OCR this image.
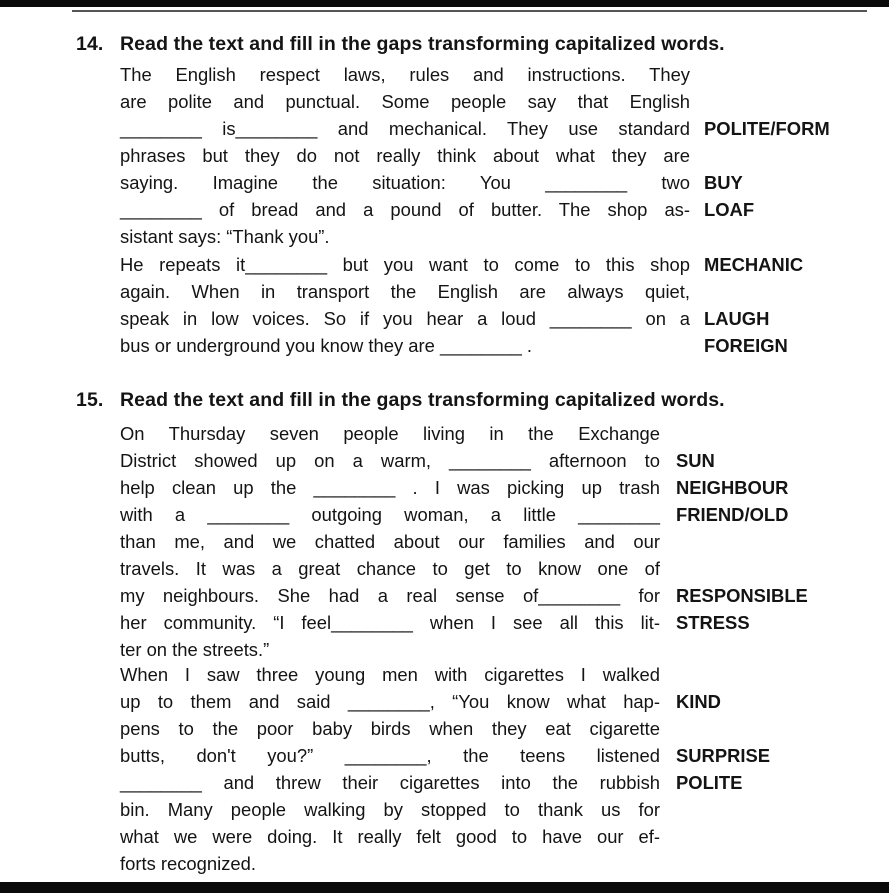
14. Read the text and fill in the gaps transforming capitalized words.
The English respect laws, rules and instructions. They
are polite and punctual. Some people say that English
________ is________ and mechanical. They use standard
phrases but they do not really think about what they are
saying. Imagine the situation: You ________ two
________ of bread and a pound of butter. The shop as-
sistant says: “Thank you”.
He repeats it________ but you want to come to this shop
again. When in transport the English are always quiet,
speak in low voices. So if you hear a loud ________ on a
bus or underground you know they are ________ .
POLITE/FORM
BUY
LOAF
MECHANIC
LAUGH
FOREIGN
15. Read the text and fill in the gaps transforming capitalized words.
On Thursday seven people living in the Exchange
District showed up on a warm, ________ afternoon to
help clean up the ________ . I was picking up trash
with a ________ outgoing woman, a little ________
than me, and we chatted about our families and our
travels. It was a great chance to get to know one of
my neighbours. She had a real sense of________ for
her community. “I feel________ when I see all this lit-
ter on the streets.”
When I saw three young men with cigarettes I walked
up to them and said ________, “You know what hap-
pens to the poor baby birds when they eat cigarette
butts, don't you?” ________, the teens listened
________ and threw their cigarettes into the rubbish
bin. Many people walking by stopped to thank us for
what we were doing. It really felt good to have our ef-
forts recognized.
SUN
NEIGHBOUR
FRIEND/OLD
RESPONSIBLE
STRESS
KIND
SURPRISE
POLITE
